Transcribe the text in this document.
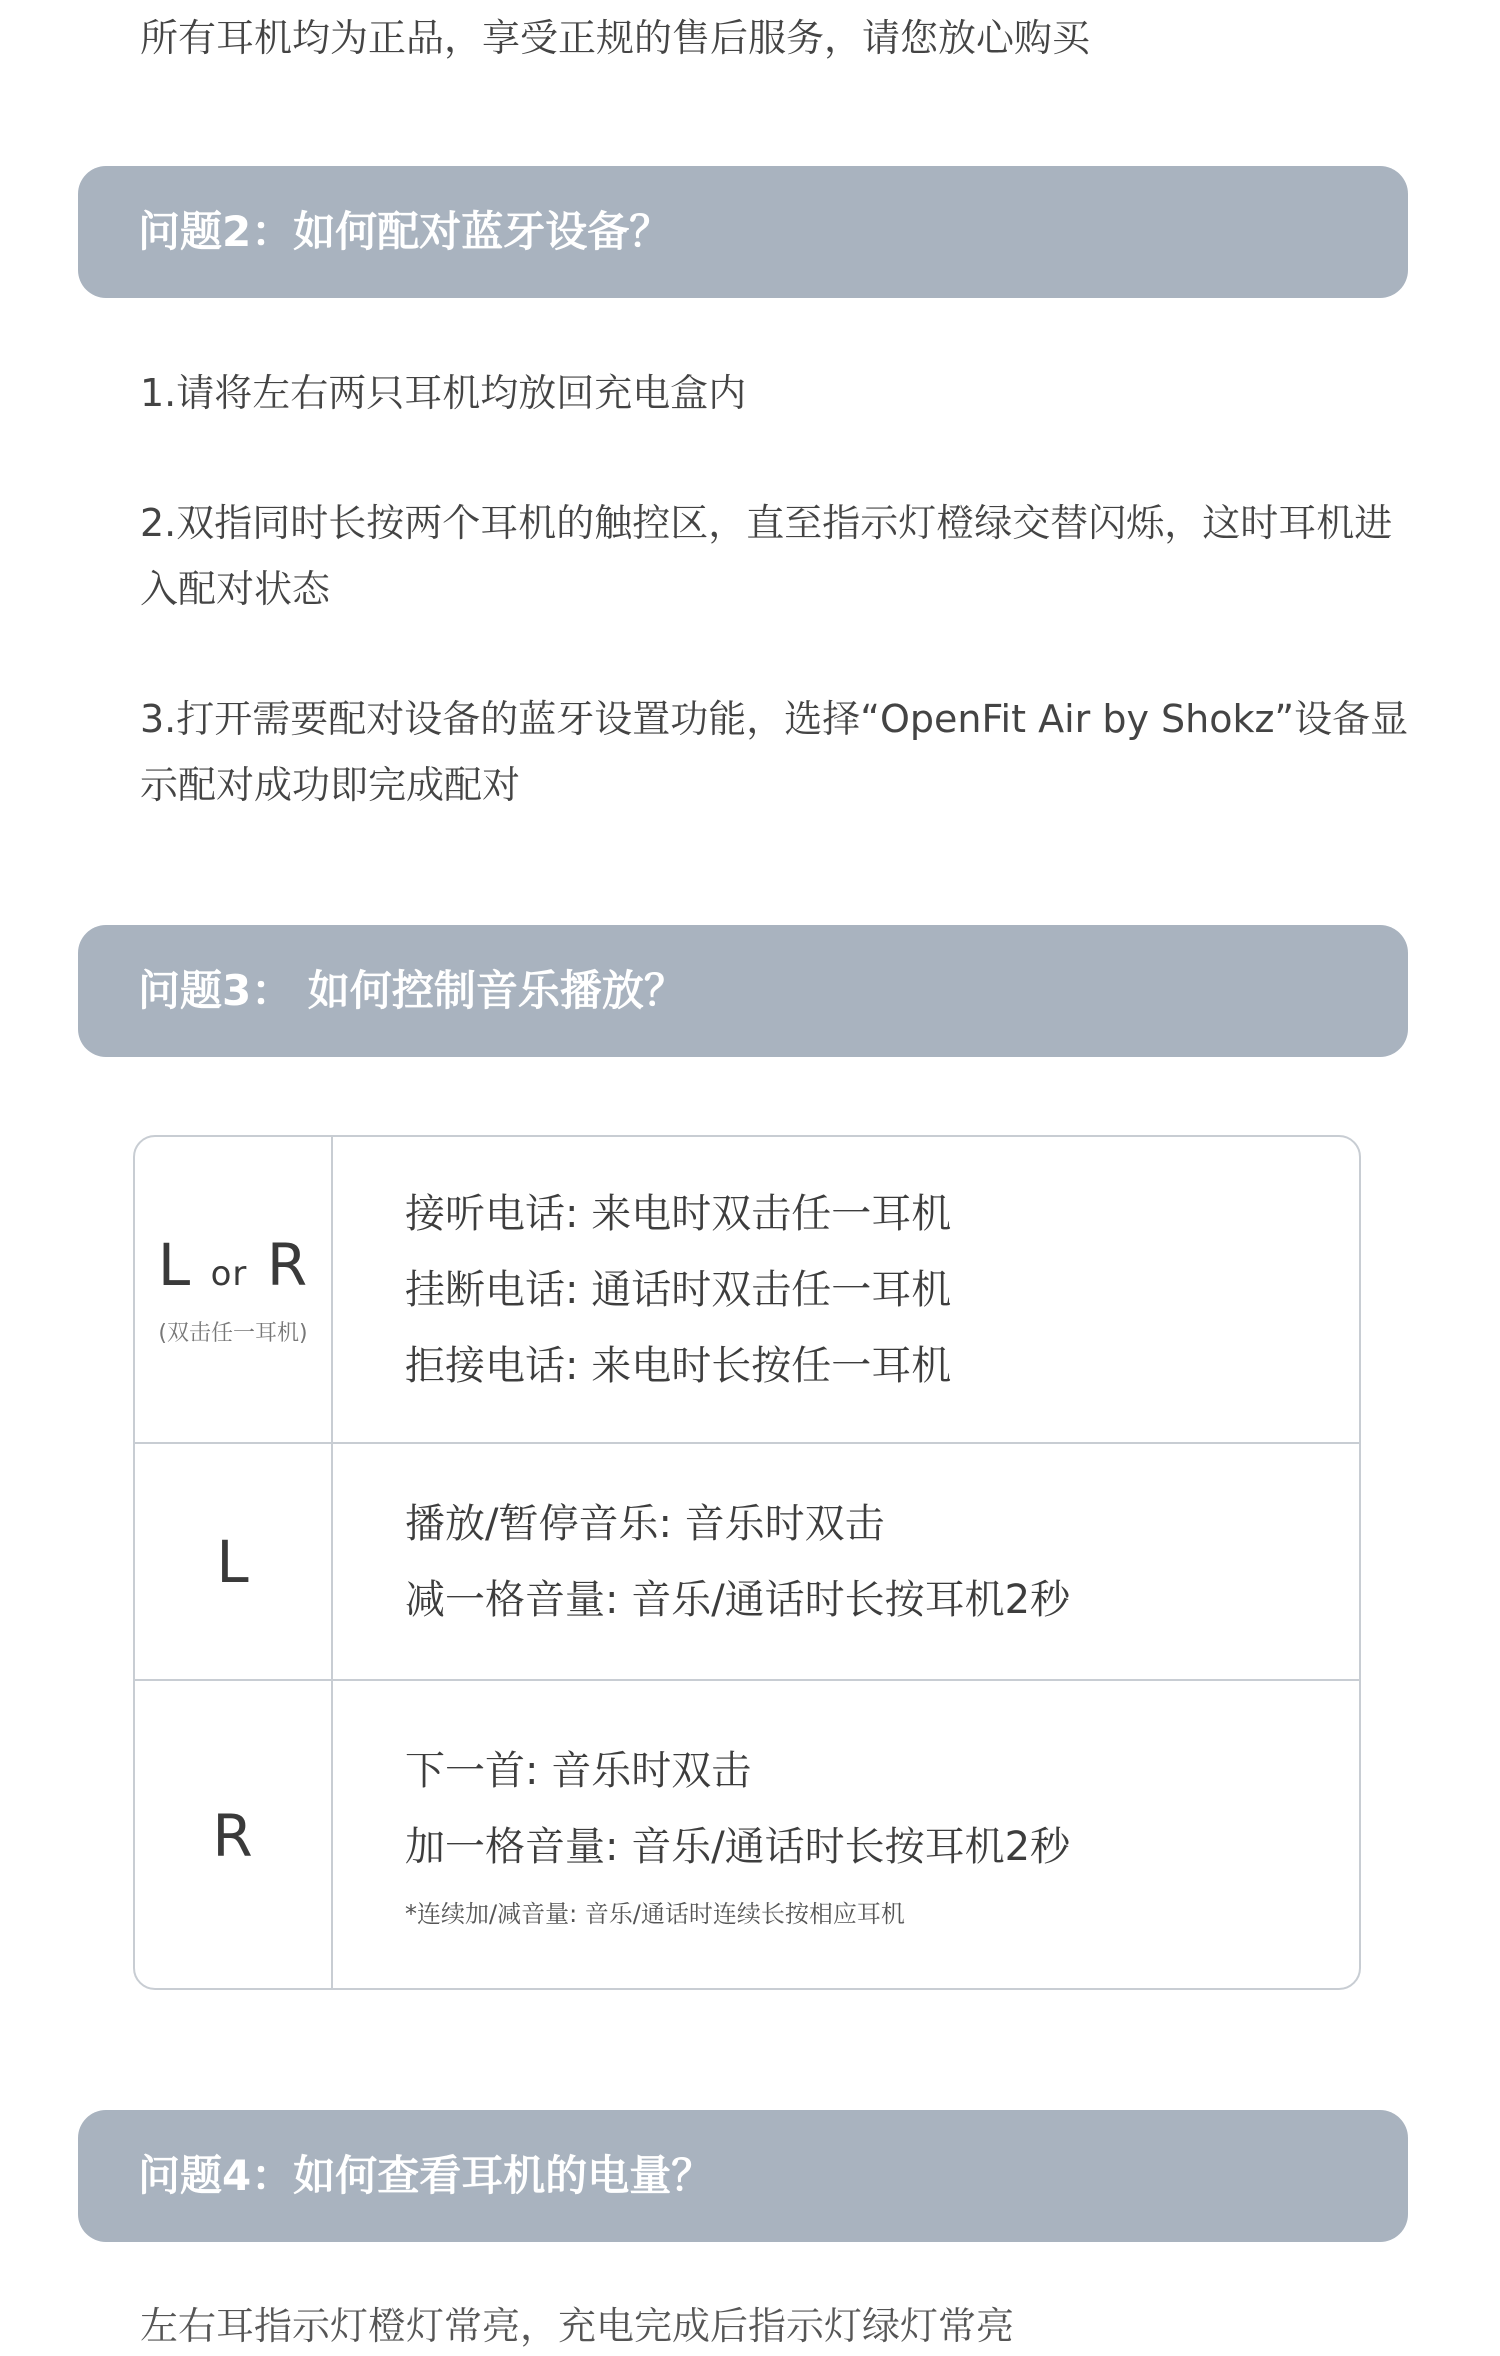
所有耳机均为正品，享受正规的售后服务，请您放心购买
问题2：如何配对蓝牙设备？
1.请将左右两只耳机均放回充电盒内
2.双指同时长按两个耳机的触控区，直至指示灯橙绿交替闪烁，这时耳机进入配对状态
3.打开需要配对设备的蓝牙设置功能，选择“OpenFit Air by Shokz”设备显示配对成功即完成配对
问题3： 如何控制音乐播放？
L or R
(双击任一耳机)
接听电话: 来电时双击任一耳机
挂断电话: 通话时双击任一耳机
拒接电话: 来电时长按任一耳机
L
播放/暂停音乐: 音乐时双击
减一格音量: 音乐/通话时长按耳机2秒
R
下一首: 音乐时双击
加一格音量: 音乐/通话时长按耳机2秒
*连续加/减音量: 音乐/通话时连续长按相应耳机
问题4：如何查看耳机的电量？
左右耳指示灯橙灯常亮，充电完成后指示灯绿灯常亮
